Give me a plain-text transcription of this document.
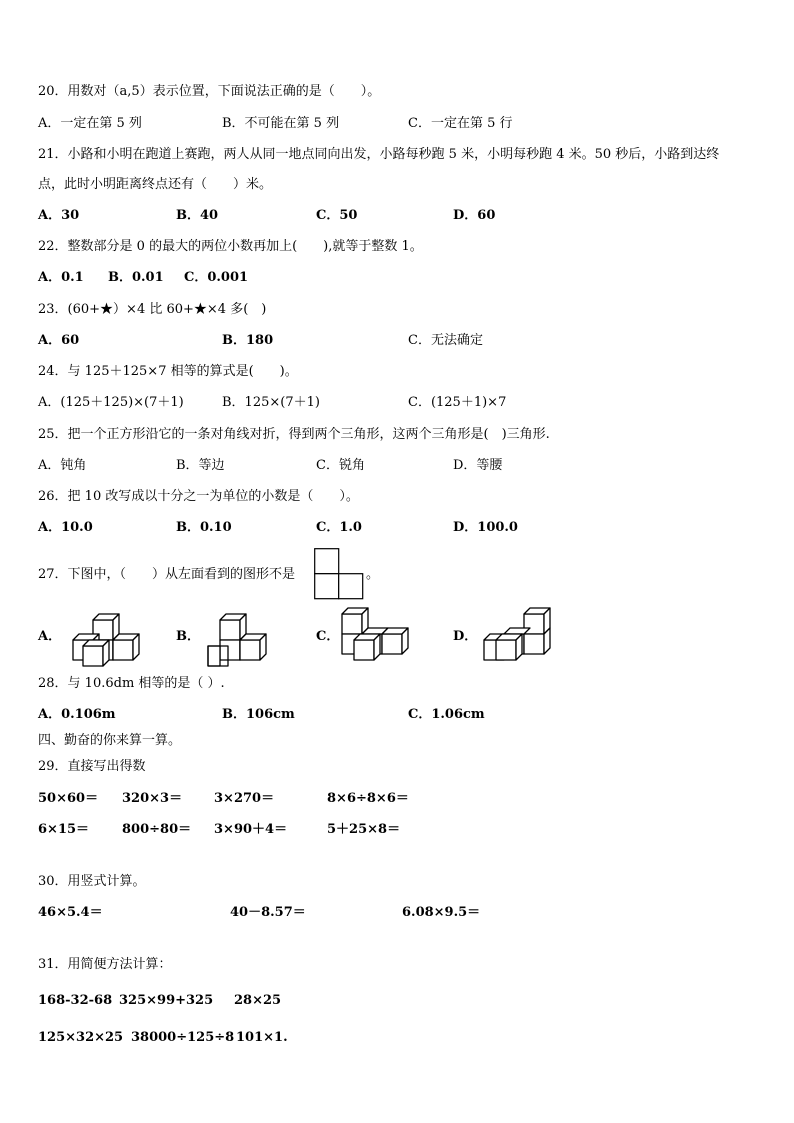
20．用数对（a,5）表示位置，下面说法正确的是（　　）。
A．一定在第 5 列	B．不可能在第 5 列	C．一定在第 5 行
21．小路和小明在跑道上赛跑，两人从同一地点同向出发，小路每秒跑 5 米，小明每秒跑 4 米。50 秒后，小路到达终
点，此时小明距离终点还有（　　）米。
A．30	B．40	C．50	D．60
22．整数部分是 0 的最大的两位小数再加上(　　),就等于整数 1。
A．0.1 B．0.01 C．0.001
23．(60+★）×4 比 60+★×4 多(　)
A．60	B．180	C．无法确定
24．与 125＋125×7 相等的算式是(　　)。
A．(125＋125)×(7＋1)	B．125×(7＋1)	C．(125＋1)×7
25．把一个正方形沿它的一条对角线对折，得到两个三角形，这两个三角形是(　)三角形.
A．钝角	B．等边	C．锐角	D．等腰
26．把 10 改写成以十分之一为单位的小数是（　　）。
A．10.0	B．0.10	C．1.0	D．100.0
27．下图中，（　　）从左面看到的图形不是	。
A．	B．	C．	D．
28．与 10.6dm 相等的是（ ）.
A．0.106m	B．106cm	C．1.06cm
四、勤奋的你来算一算。
29．直接写出得数
50×60＝ 320×3＝ 3×270＝	8×6÷8×6＝
6×15＝	800÷80＝ 3×90＋4＝	5＋25×8＝
30．用竖式计算。
46×5.4＝	40－8.57＝	6.08×9.5＝
31．用简便方法计算：
168-32-68 325×99+325 28×25
125×32×25 38000÷125÷8 101×1.
